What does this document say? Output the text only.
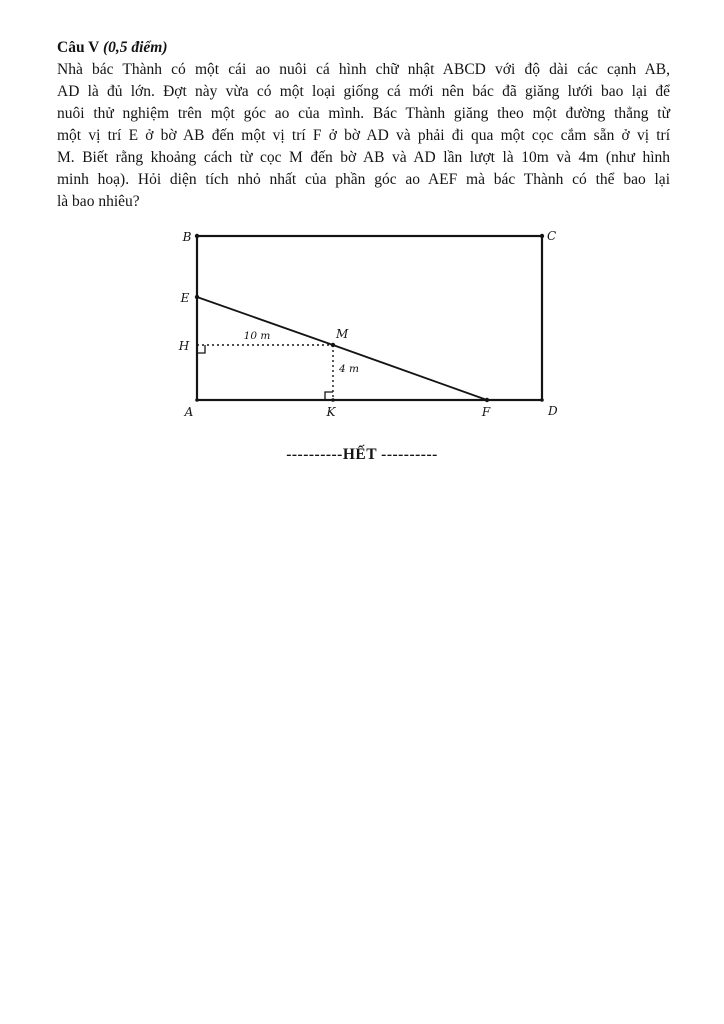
Câu V (0,5 điểm)
Nhà bác Thành có một cái ao nuôi cá hình chữ nhật ABCD với độ dài các cạnh AB,
AD là đủ lớn. Đợt này vừa có một loại giống cá mới nên bác đã giăng lưới bao lại để
nuôi thử nghiệm trên một góc ao của mình. Bác Thành giăng theo một đường thẳng từ
một vị trí E ở bờ AB đến một vị trí F ở bờ AD và phải đi qua một cọc cắm sẵn ở vị trí
M. Biết rằng khoảng cách từ cọc M đến bờ AB và AD lần lượt là 10m và 4m (như hình
minh hoạ). Hỏi diện tích nhỏ nhất của phần góc ao AEF mà bác Thành có thể bao lại
là bao nhiêu?
B	C
E
H
M
A	K	F	D
10 m
4 m
----------HẾT ----------
